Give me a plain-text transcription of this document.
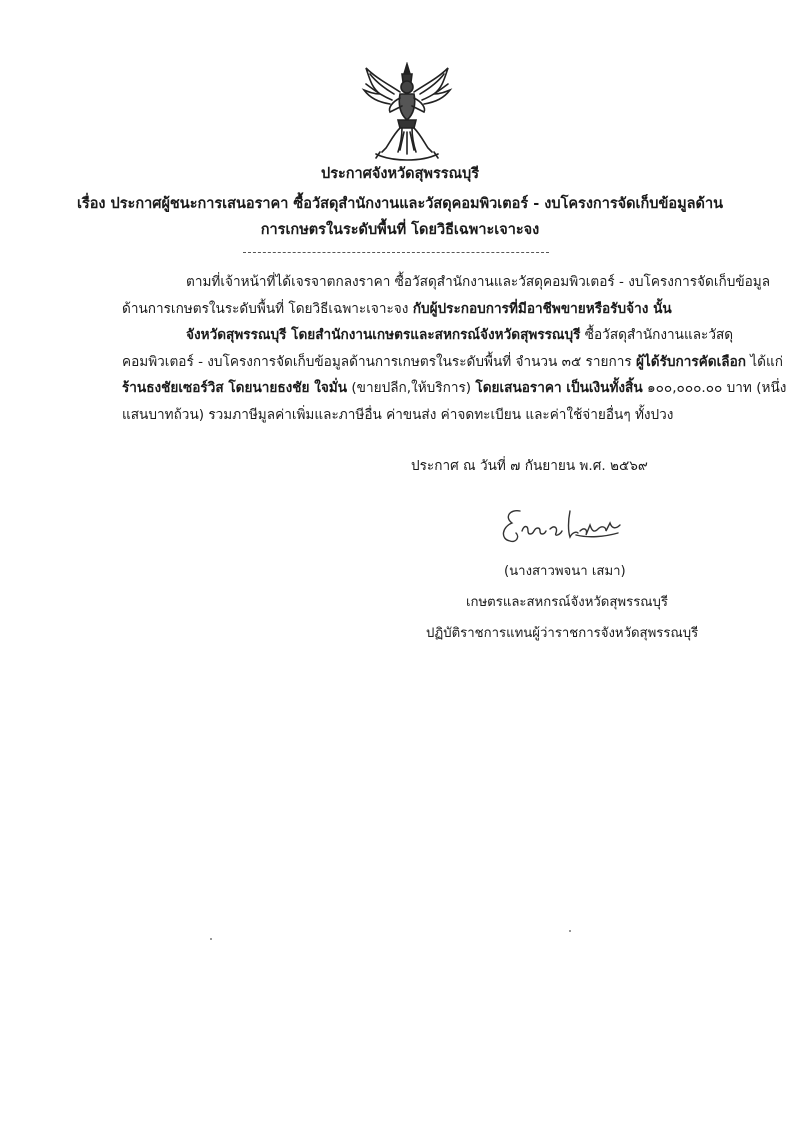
ประกาศจังหวัดสุพรรณบุรี
เรื่อง ประกาศผู้ชนะการเสนอราคา ซื้อวัสดุสำนักงานและวัสดุคอมพิวเตอร์ - งบโครงการจัดเก็บข้อมูลด้าน
การเกษตรในระดับพื้นที่ โดยวิธีเฉพาะเจาะจง
ตามที่เจ้าหน้าที่ได้เจรจาตกลงราคา ซื้อวัสดุสำนักงานและวัสดุคอมพิวเตอร์ - งบโครงการจัดเก็บข้อมูล
ด้านการเกษตรในระดับพื้นที่ โดยวิธีเฉพาะเจาะจง กับผู้ประกอบการที่มีอาชีพขายหรือรับจ้าง นั้น
จังหวัดสุพรรณบุรี โดยสำนักงานเกษตรและสหกรณ์จังหวัดสุพรรณบุรี ซื้อวัสดุสำนักงานและวัสดุ
คอมพิวเตอร์ - งบโครงการจัดเก็บข้อมูลด้านการเกษตรในระดับพื้นที่ จำนวน ๓๕ รายการ ผู้ได้รับการคัดเลือก ได้แก่
ร้านธงชัยเซอร์วิส โดยนายธงชัย ใจมั่น (ขายปลีก,ให้บริการ) โดยเสนอราคา เป็นเงินทั้งสิ้น ๑๐๐,๐๐๐.๐๐ บาท (หนึ่ง
แสนบาทถ้วน) รวมภาษีมูลค่าเพิ่มและภาษีอื่น ค่าขนส่ง ค่าจดทะเบียน และค่าใช้จ่ายอื่นๆ ทั้งปวง
ประกาศ ณ วันที่ ๗ กันยายน พ.ศ. ๒๕๖๙
(นางสาวพจนา เสมา)
เกษตรและสหกรณ์จังหวัดสุพรรณบุรี
ปฏิบัติราชการแทนผู้ว่าราชการจังหวัดสุพรรณบุรี
